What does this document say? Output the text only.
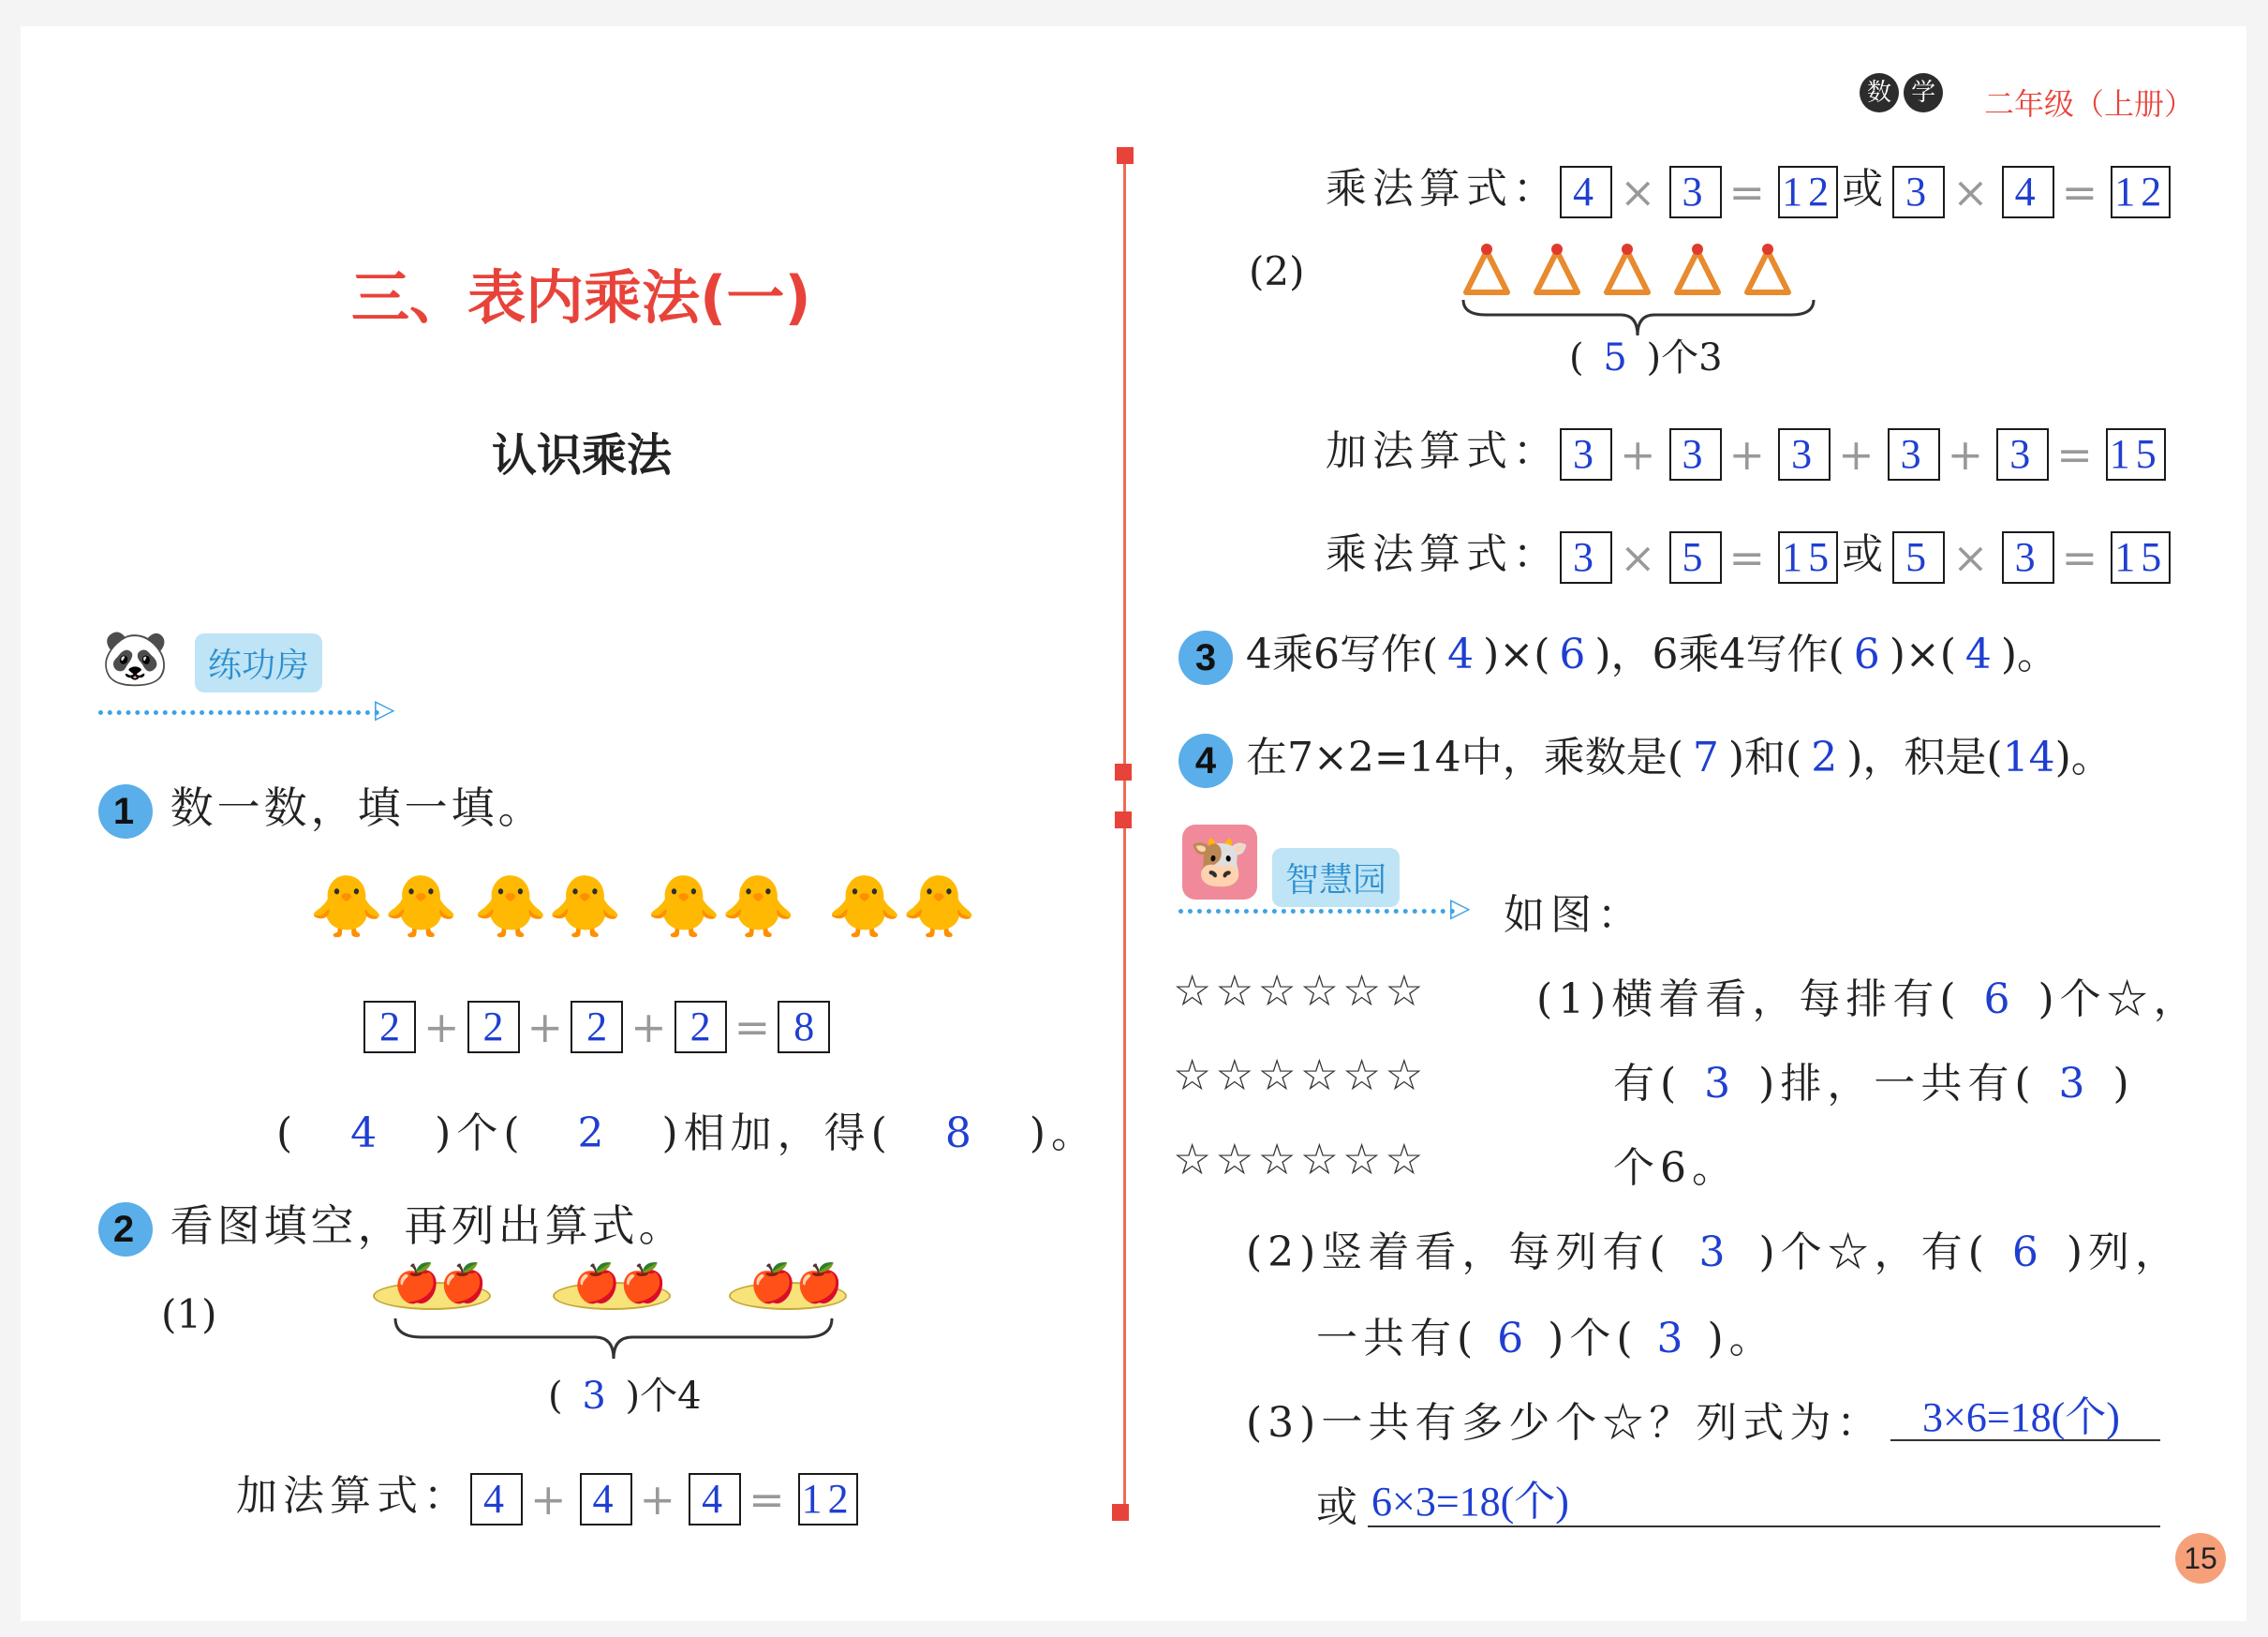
数 学 二年级（上册）
三、表内乘法(一)
认识乘法
🐼	练功房
▷
1 数一数，填一填。
🐥🐥 🐥🐥 🐥🐥 🐥🐥
2 + 2 + 2 + 2 = 8
( 4 )个( 2 )相加，得( 8 )。
2 看图填空，再列出算式。
(1)
🍎🍎 🍎🍎 🍎🍎
( 3 )个4
加法算式： 4 + 4 + 4 = 12
乘法算式： 4 × 3 = 12 或 3 × 4 = 12
(2)
( 5 )个3
加法算式： 3 + 3 + 3 + 3 + 3 = 15
乘法算式： 3 × 5 = 15 或 5 × 3 = 15
3 4乘6写作( 4 )×( 6 )，6乘4写作( 6 )×( 4 )。
4 在7×2=14中，乘数是( 7 )和( 2 )，积是(14)。
🐮	智慧园
▷ 如图：
☆☆☆☆☆☆
☆☆☆☆☆☆
☆☆☆☆☆☆
(1)横着看，每排有( 6 )个☆，
有( 3 )排，一共有( 3 )
个6。
(2)竖着看，每列有( 3 )个☆，有( 6 )列，
一共有( 6 )个( 3 )。
(3)一共有多少个☆？列式为： 3×6=18(个)
或 6×3=18(个)
15
